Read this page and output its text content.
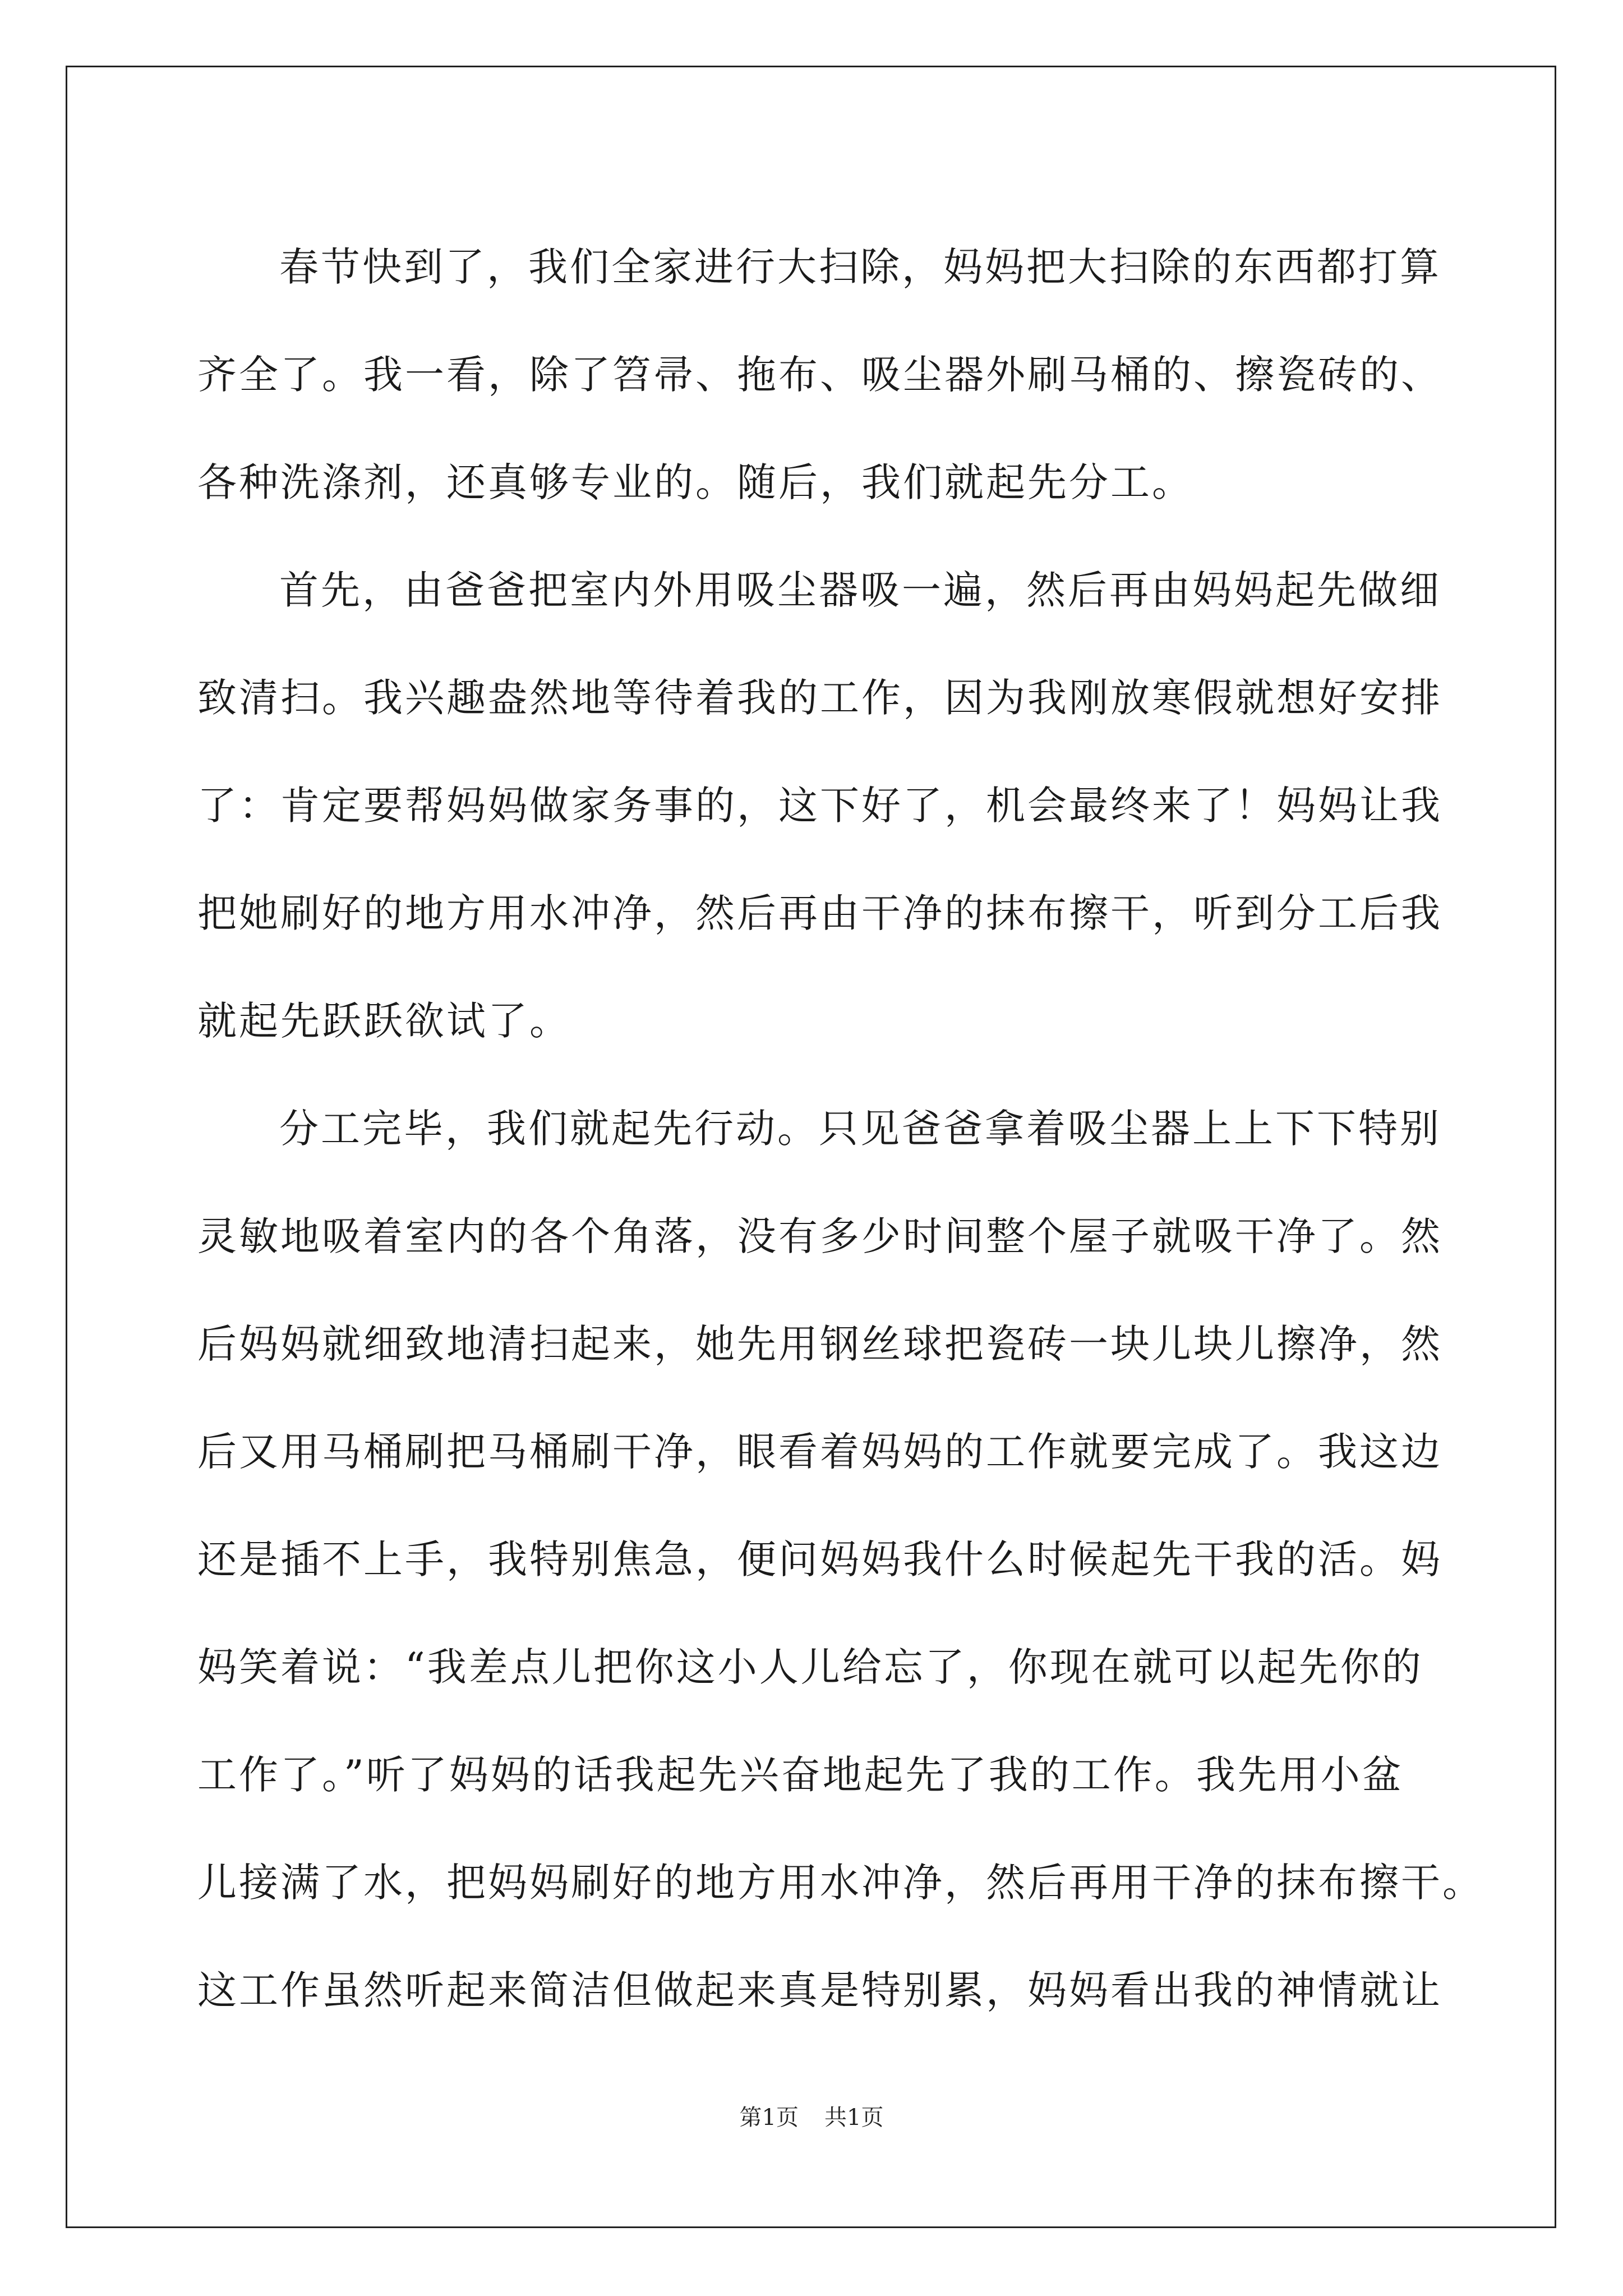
春节快到了，我们全家进行大扫除，妈妈把大扫除的东西都打算
齐全了。我一看，除了笤帚、拖布、吸尘器外刷马桶的、擦瓷砖的、
各种洗涤剂，还真够专业的。随后，我们就起先分工。
首先，由爸爸把室内外用吸尘器吸一遍，然后再由妈妈起先做细
致清扫。我兴趣盎然地等待着我的工作，因为我刚放寒假就想好安排
了：肯定要帮妈妈做家务事的，这下好了，机会最终来了！妈妈让我
把她刷好的地方用水冲净，然后再由干净的抹布擦干，听到分工后我
就起先跃跃欲试了。
分工完毕，我们就起先行动。只见爸爸拿着吸尘器上上下下特别
灵敏地吸着室内的各个角落，没有多少时间整个屋子就吸干净了。然
后妈妈就细致地清扫起来，她先用钢丝球把瓷砖一块儿块儿擦净，然
后又用马桶刷把马桶刷干净，眼看着妈妈的工作就要完成了。我这边
还是插不上手，我特别焦急，便问妈妈我什么时候起先干我的活。妈
妈笑着说：“我差点儿把你这小人儿给忘了，你现在就可以起先你的
工作了。”听了妈妈的话我起先兴奋地起先了我的工作。我先用小盆
儿接满了水，把妈妈刷好的地方用水冲净，然后再用干净的抹布擦干。
这工作虽然听起来简洁但做起来真是特别累，妈妈看出我的神情就让
第1页 共1页
